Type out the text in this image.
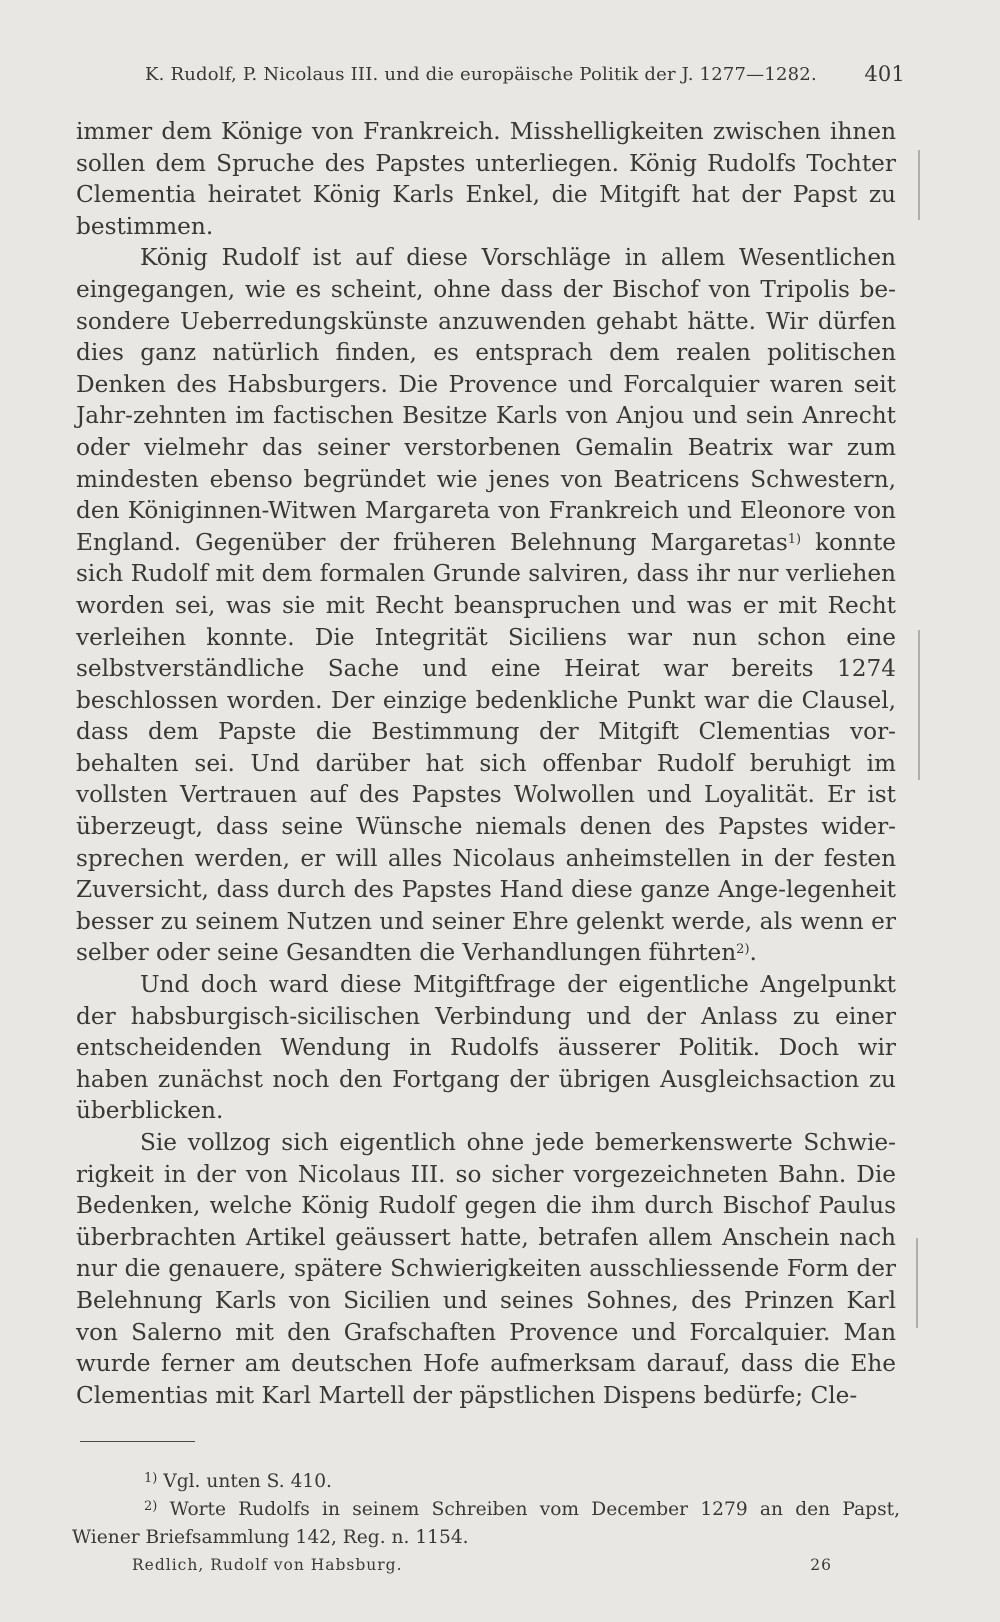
K. Rudolf, P. Nicolaus III. und die europäische Politik der J. 1277—1282. 401

immer dem Könige von Frankreich. Misshelligkeiten zwischen ihnen sollen dem Spruche des Papstes unterliegen. König Rudolfs Tochter Clementia heiratet König Karls Enkel, die Mitgift hat der Papst zu bestimmen.

König Rudolf ist auf diese Vorschläge in allem Wesentlichen eingegangen, wie es scheint, ohne dass der Bischof von Tripolis be-sondere Ueberredungskünste anzuwenden gehabt hätte. Wir dürfen dies ganz natürlich finden, es entsprach dem realen politischen Denken des Habsburgers. Die Provence und Forcalquier waren seit Jahr-zehnten im factischen Besitze Karls von Anjou und sein Anrecht oder vielmehr das seiner verstorbenen Gemalin Beatrix war zum mindesten ebenso begründet wie jenes von Beatricens Schwestern, den Königinnen-Witwen Margareta von Frankreich und Eleonore von England. Gegenüber der früheren Belehnung Margaretas$^{1)}$ konnte sich Rudolf mit dem formalen Grunde salviren, dass ihr nur verliehen worden sei, was sie mit Recht beanspruchen und was er mit Recht verleihen konnte. Die Integrität Siciliens war nun schon eine selbstverständliche Sache und eine Heirat war bereits 1274 beschlossen worden. Der einzige bedenkliche Punkt war die Clausel, dass dem Papste die Bestimmung der Mitgift Clementias vor-behalten sei. Und darüber hat sich offenbar Rudolf beruhigt im vollsten Vertrauen auf des Papstes Wolwollen und Loyalität. Er ist überzeugt, dass seine Wünsche niemals denen des Papstes wider-sprechen werden, er will alles Nicolaus anheimstellen in der festen Zuversicht, dass durch des Papstes Hand diese ganze Ange-legenheit besser zu seinem Nutzen und seiner Ehre gelenkt werde, als wenn er selber oder seine Gesandten die Verhandlungen führten$^{2)}$.

Und doch ward diese Mitgiftfrage der eigentliche Angelpunkt der habsburgisch-sicilischen Verbindung und der Anlass zu einer entscheidenden Wendung in Rudolfs äusserer Politik. Doch wir haben zunächst noch den Fortgang der übrigen Ausgleichsaction zu überblicken.

Sie vollzog sich eigentlich ohne jede bemerkenswerte Schwie-rigkeit in der von Nicolaus III. so sicher vorgezeichneten Bahn. Die Bedenken, welche König Rudolf gegen die ihm durch Bischof Paulus überbrachten Artikel geäussert hatte, betrafen allem Anschein nach nur die genauere, spätere Schwierigkeiten ausschliessende Form der Belehnung Karls von Sicilien und seines Sohnes, des Prinzen Karl von Salerno mit den Grafschaften Provence und Forcalquier. Man wurde ferner am deutschen Hofe aufmerksam darauf, dass die Ehe Clementias mit Karl Martell der päpstlichen Dispens bedürfe; Cle-

$^{1)}$ Vgl. unten S. 410.

$^{2)}$ Worte Rudolfs in seinem Schreiben vom December 1279 an den Papst, Wiener Briefsammlung 142, Reg. n. 1154.

Redlich, Rudolf von Habsburg.	26
